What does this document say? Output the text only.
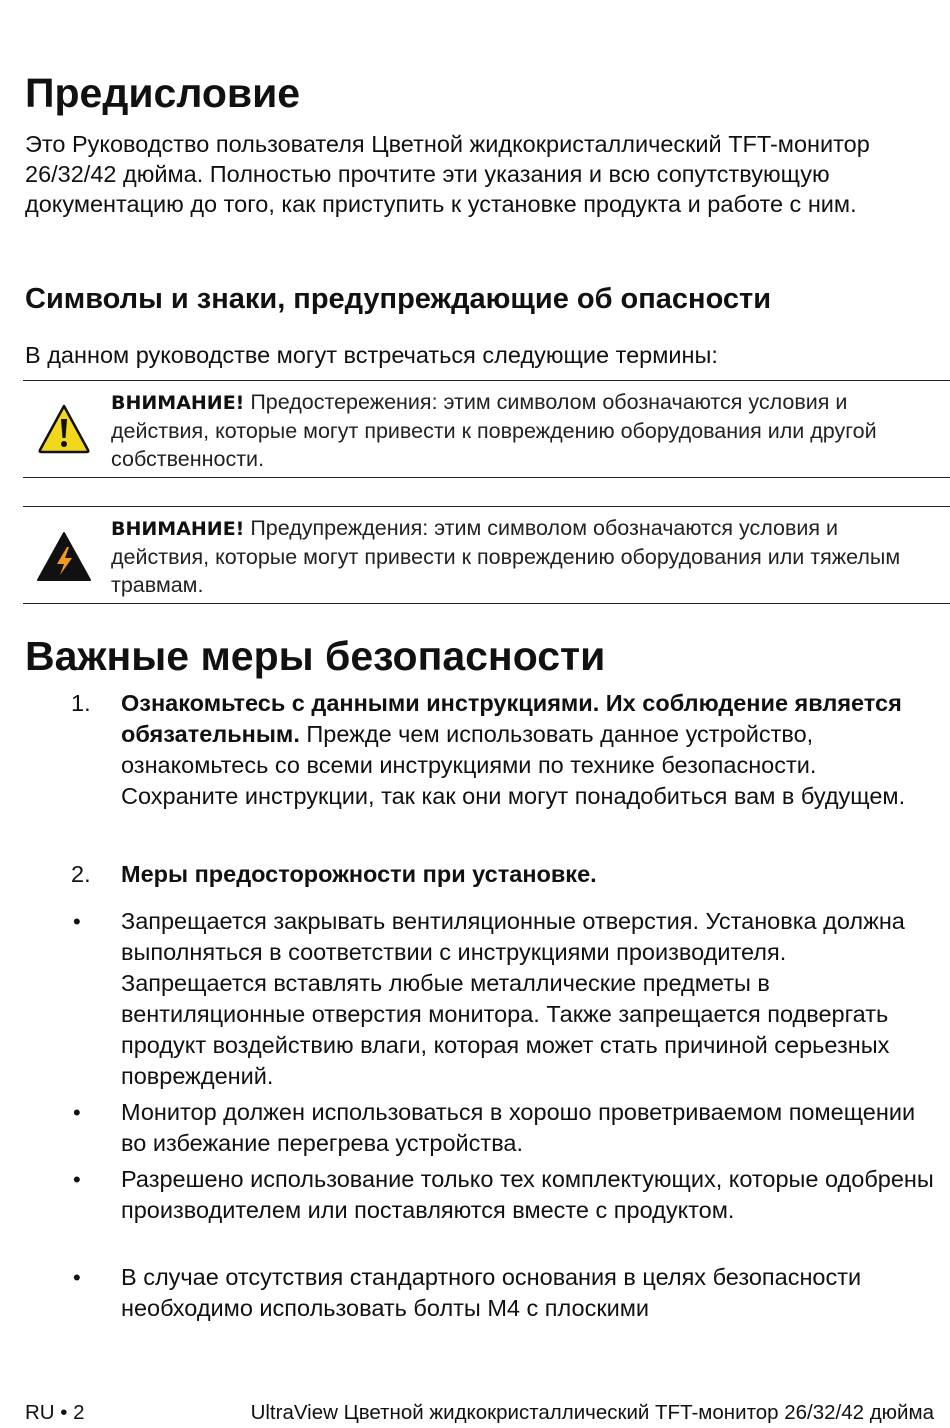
Предисловие
Это Руководство пользователя Цветной жидкокристаллический TFT-монитор 26/32/42 дюйма. Полностью прочтите эти указания и всю сопутствующую документацию до того, как приступить к установке продукта и работе с ним.
Символы и знаки, предупреждающие об опасности
В данном руководстве могут встречаться следующие термины:
ВНИМАНИЕ! Предостережения: этим символом обозначаются условия и действия, которые могут привести к повреждению оборудования или другой собственности.
ВНИМАНИЕ! Предупреждения: этим символом обозначаются условия и действия, которые могут привести к повреждению оборудования или тяжелым травмам.
Важные меры безопасности
1. Ознакомьтесь с данными инструкциями. Их соблюдение является обязательным. Прежде чем использовать данное устройство, ознакомьтесь со всеми инструкциями по технике безопасности. Сохраните инструкции, так как они могут понадобиться вам в будущем.
2. Меры предосторожности при установке.
• Запрещается закрывать вентиляционные отверстия. Установка должна выполняться в соответствии с инструкциями производителя. Запрещается вставлять любые металлические предметы в вентиляционные отверстия монитора. Также запрещается подвергать продукт воздействию влаги, которая может стать причиной серьезных повреждений.
• Монитор должен использоваться в хорошо проветриваемом помещении во избежание перегрева устройства.
• Разрешено использование только тех комплектующих, которые одобрены производителем или поставляются вместе с продуктом.
• В случае отсутствия стандартного основания в целях безопасности необходимо использовать болты М4 с плоскими
RU • 2	UltraView Цветной жидкокристаллический TFT-монитор 26/32/42 дюйма
